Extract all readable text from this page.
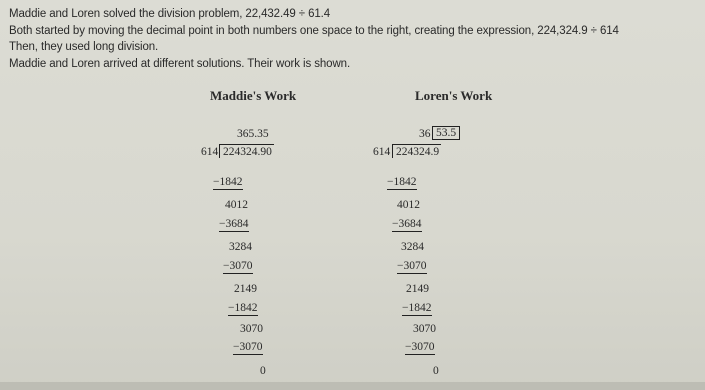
Maddie and Loren solved the division problem, 22,432.49 ÷ 61.4
Both started by moving the decimal point in both numbers one space to the right, creating the expression, 224,324.9 ÷ 614
Then, they used long division.
Maddie and Loren arrived at different solutions. Their work is shown.
Maddie's Work	Loren's Work
365.35
614 224324.90
−1842
4012
−3684
3284
−3070
2149
−1842
3070
−3070
0
36 53.5
614 224324.9
−1842
4012
−3684
3284
−3070
2149
−1842
3070
−3070
0
